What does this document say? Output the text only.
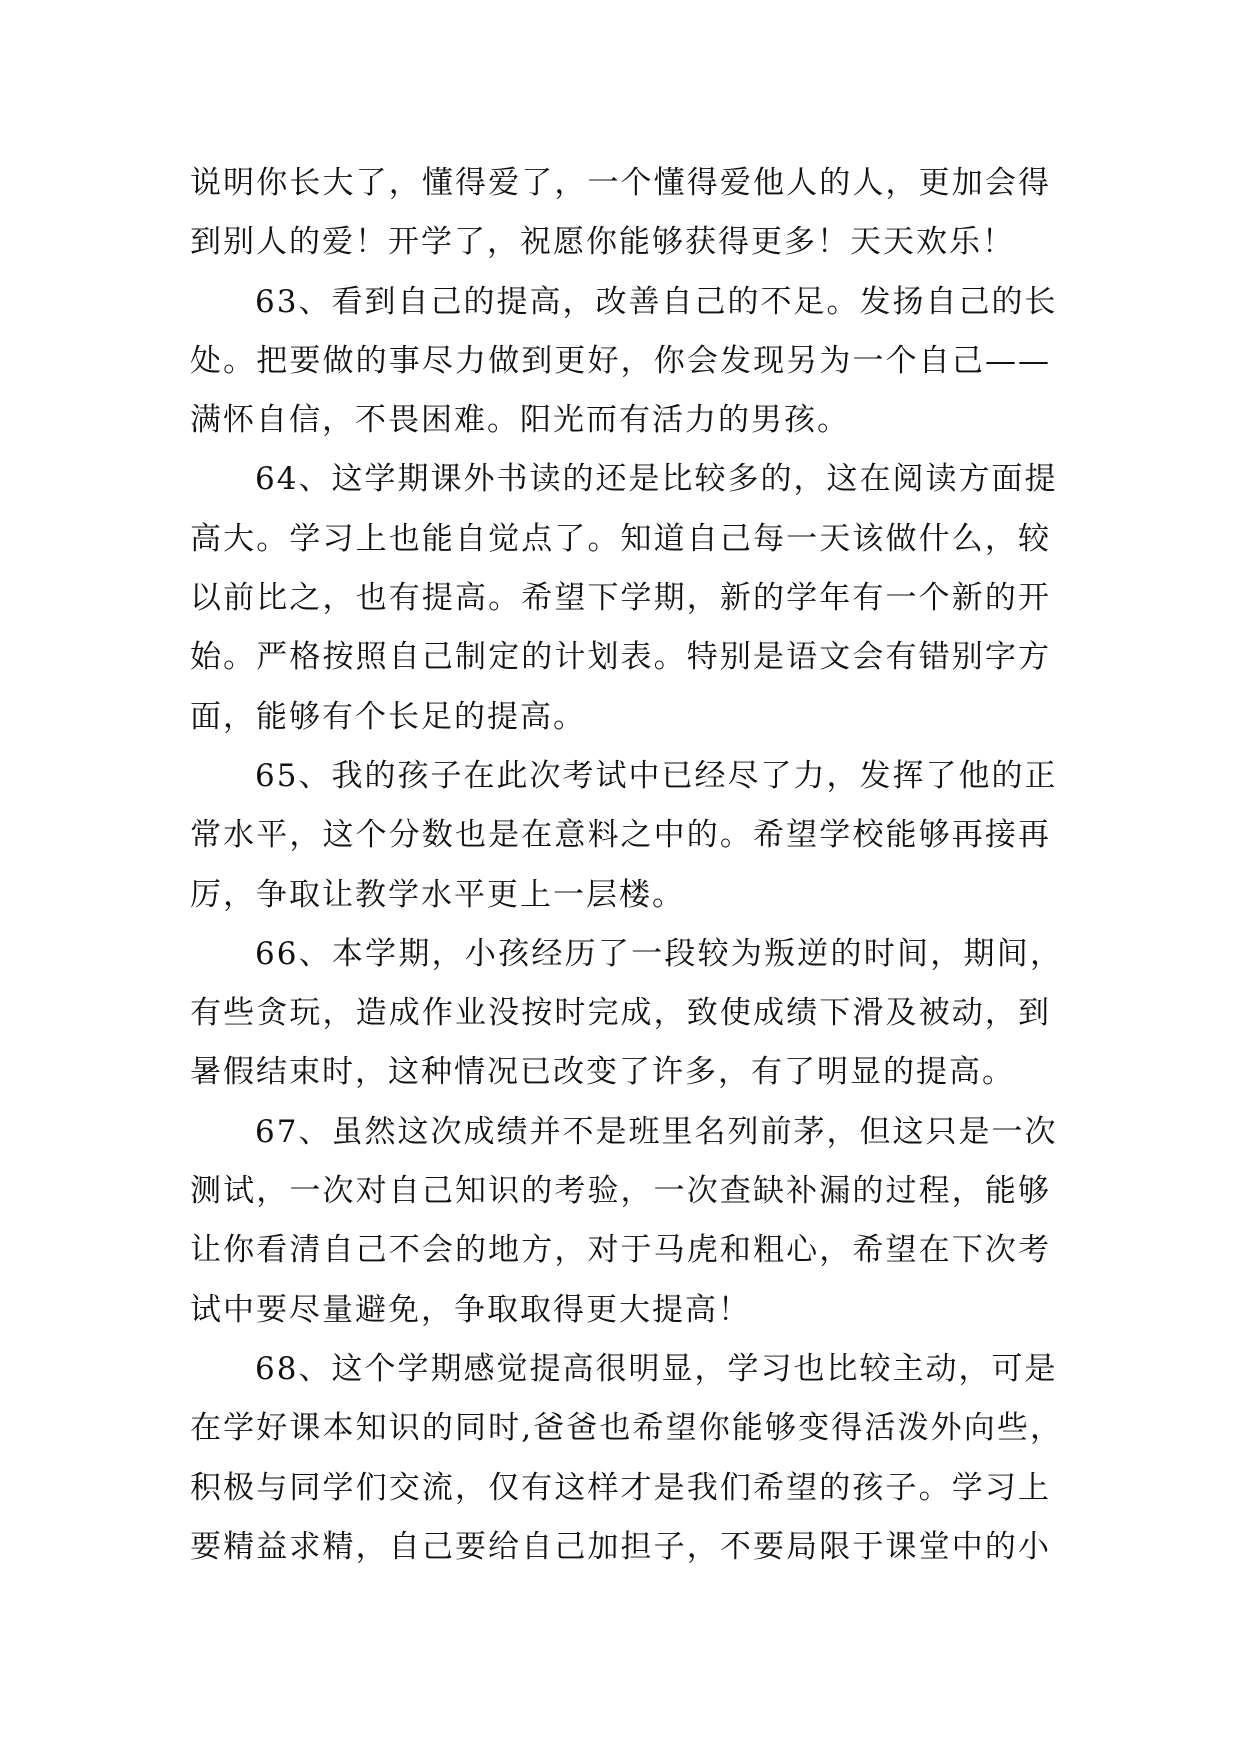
说明你长大了，懂得爱了，一个懂得爱他人的人，更加会得
到别人的爱！开学了，祝愿你能够获得更多！天天欢乐！
63、看到自己的提高，改善自己的不足。发扬自己的长
处。把要做的事尽力做到更好，你会发现另为一个自己——
满怀自信，不畏困难。阳光而有活力的男孩。
64、这学期课外书读的还是比较多的，这在阅读方面提
高大。学习上也能自觉点了。知道自己每一天该做什么，较
以前比之，也有提高。希望下学期，新的学年有一个新的开
始。严格按照自己制定的计划表。特别是语文会有错别字方
面，能够有个长足的提高。
65、我的孩子在此次考试中已经尽了力，发挥了他的正
常水平，这个分数也是在意料之中的。希望学校能够再接再
厉，争取让教学水平更上一层楼。
66、本学期，小孩经历了一段较为叛逆的时间，期间，
有些贪玩，造成作业没按时完成，致使成绩下滑及被动，到
暑假结束时，这种情况已改变了许多，有了明显的提高。
67、虽然这次成绩并不是班里名列前茅，但这只是一次
测试，一次对自己知识的考验，一次查缺补漏的过程，能够
让你看清自己不会的地方，对于马虎和粗心，希望在下次考
试中要尽量避免，争取取得更大提高！
68、这个学期感觉提高很明显，学习也比较主动，可是
在学好课本知识的同时,爸爸也希望你能够变得活泼外向些，
积极与同学们交流，仅有这样才是我们希望的孩子。学习上
要精益求精，自己要给自己加担子，不要局限于课堂中的小
